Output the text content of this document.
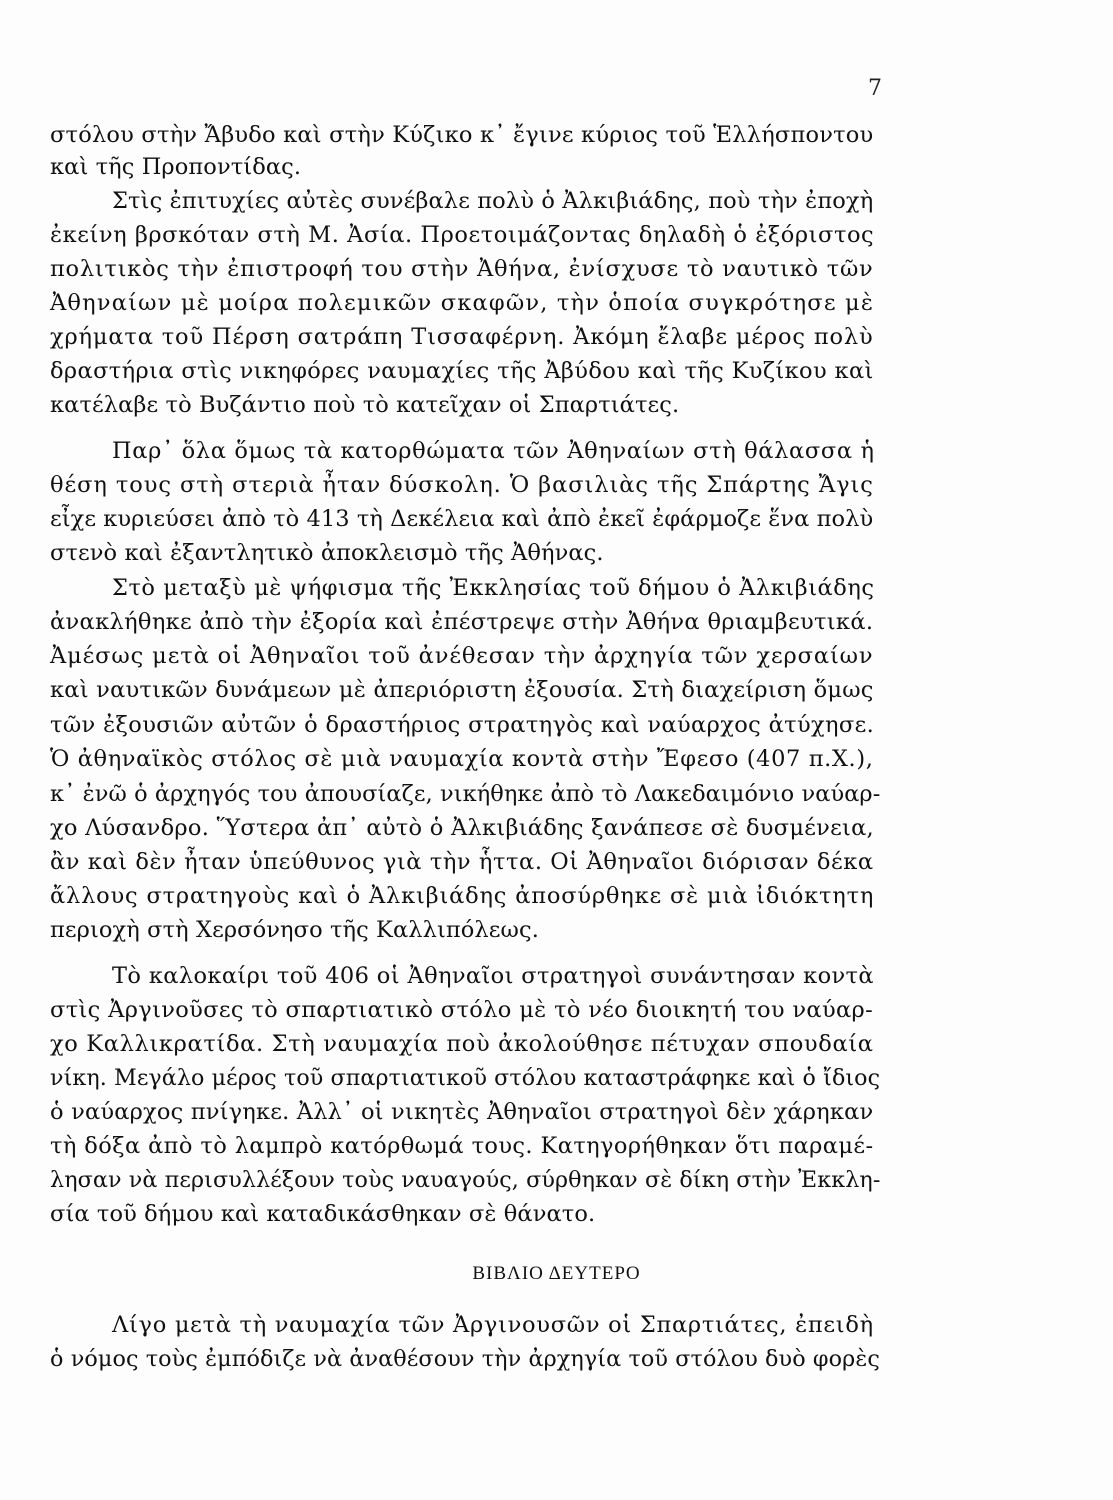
7
στόλου στὴν Ἄβυδο καὶ στὴν Κύζικο κ᾽ ἔγινε κύριος τοῦ Ἑλλήσποντου
καὶ τῆς Προποντίδας.
Στὶς ἐπιτυχίες αὐτὲς συνέβαλε πολὺ ὁ Ἀλκιβιάδης, ποὺ τὴν ἐποχὴ
ἐκείνη βρσκόταν στὴ Μ. Ἀσία. Προετοιμάζοντας δηλαδὴ ὁ ἐξόριστος
πολιτικὸς τὴν ἐπιστροφή του στὴν Ἀθήνα, ἐνίσχυσε τὸ ναυτικὸ τῶν
Ἀθηναίων μὲ μοίρα πολεμικῶν σκαφῶν, τὴν ὁποία συγκρότησε μὲ
χρήματα τοῦ Πέρση σατράπη Τισσαφέρνη. Ἀκόμη ἔλαβε μέρος πολὺ
δραστήρια στὶς νικηφόρες ναυμαχίες τῆς Ἀβύδου καὶ τῆς Κυζίκου καὶ
κατέλαβε τὸ Βυζάντιο ποὺ τὸ κατεῖχαν οἱ Σπαρτιάτες.
Παρ᾽ ὅλα ὅμως τὰ κατορθώματα τῶν Ἀθηναίων στὴ θάλασσα ἡ
θέση τους στὴ στεριὰ ἦταν δύσκολη. Ὁ βασιλιὰς τῆς Σπάρτης Ἄγις
εἶχε κυριεύσει ἀπὸ τὸ 413 τὴ Δεκέλεια καὶ ἀπὸ ἐκεῖ ἐφάρμοζε ἕνα πολὺ
στενὸ καὶ ἐξαντλητικὸ ἀποκλεισμὸ τῆς Ἀθήνας.
Στὸ μεταξὺ μὲ ψήφισμα τῆς Ἐκκλησίας τοῦ δήμου ὁ Ἀλκιβιάδης
ἀνακλήθηκε ἀπὸ τὴν ἐξορία καὶ ἐπέστρεψε στὴν Ἀθήνα θριαμβευτικά.
Ἀμέσως μετὰ οἱ Ἀθηναῖοι τοῦ ἀνέθεσαν τὴν ἀρχηγία τῶν χερσαίων
καὶ ναυτικῶν δυνάμεων μὲ ἀπεριόριστη ἐξουσία. Στὴ διαχείριση ὅμως
τῶν ἐξουσιῶν αὐτῶν ὁ δραστήριος στρατηγὸς καὶ ναύαρχος ἀτύχησε.
Ὁ ἀθηναϊκὸς στόλος σὲ μιὰ ναυμαχία κοντὰ στὴν Ἔφεσο (407 π.Χ.),
κ᾽ ἐνῶ ὁ ἀρχηγός του ἀπουσίαζε, νικήθηκε ἀπὸ τὸ Λακεδαιμόνιο ναύαρ-
χο Λύσανδρο. Ὕστερα ἀπ᾽ αὐτὸ ὁ Ἀλκιβιάδης ξανάπεσε σὲ δυσμένεια,
ἂν καὶ δὲν ἦταν ὑπεύθυνος γιὰ τὴν ἧττα. Οἱ Ἀθηναῖοι διόρισαν δέκα
ἄλλους στρατηγοὺς καὶ ὁ Ἀλκιβιάδης ἀποσύρθηκε σὲ μιὰ ἰδιόκτητη
περιοχὴ στὴ Χερσόνησο τῆς Καλλιπόλεως.
Τὸ καλοκαίρι τοῦ 406 οἱ Ἀθηναῖοι στρατηγοὶ συνάντησαν κοντὰ
στὶς Ἀργινοῦσες τὸ σπαρτιατικὸ στόλο μὲ τὸ νέο διοικητή του ναύαρ-
χο Καλλικρατίδα. Στὴ ναυμαχία ποὺ ἀκολούθησε πέτυχαν σπουδαία
νίκη. Μεγάλο μέρος τοῦ σπαρτιατικοῦ στόλου καταστράφηκε καὶ ὁ ἴδιος
ὁ ναύαρχος πνίγηκε. Ἀλλ᾽ οἱ νικητὲς Ἀθηναῖοι στρατηγοὶ δὲν χάρηκαν
τὴ δόξα ἀπὸ τὸ λαμπρὸ κατόρθωμά τους. Κατηγορήθηκαν ὅτι παραμέ-
λησαν νὰ περισυλλέξουν τοὺς ναυαγούς, σύρθηκαν σὲ δίκη στὴν Ἐκκλη-
σία τοῦ δήμου καὶ καταδικάσθηκαν σὲ θάνατο.
Λίγο μετὰ τὴ ναυμαχία τῶν Ἀργινουσῶν οἱ Σπαρτιάτες, ἐπειδὴ
ὁ νόμος τοὺς ἐμπόδιζε νὰ ἀναθέσουν τὴν ἀρχηγία τοῦ στόλου δυὸ φορὲς
ΒΙΒΛΙΟ ΔΕΥΤΕΡΟ
